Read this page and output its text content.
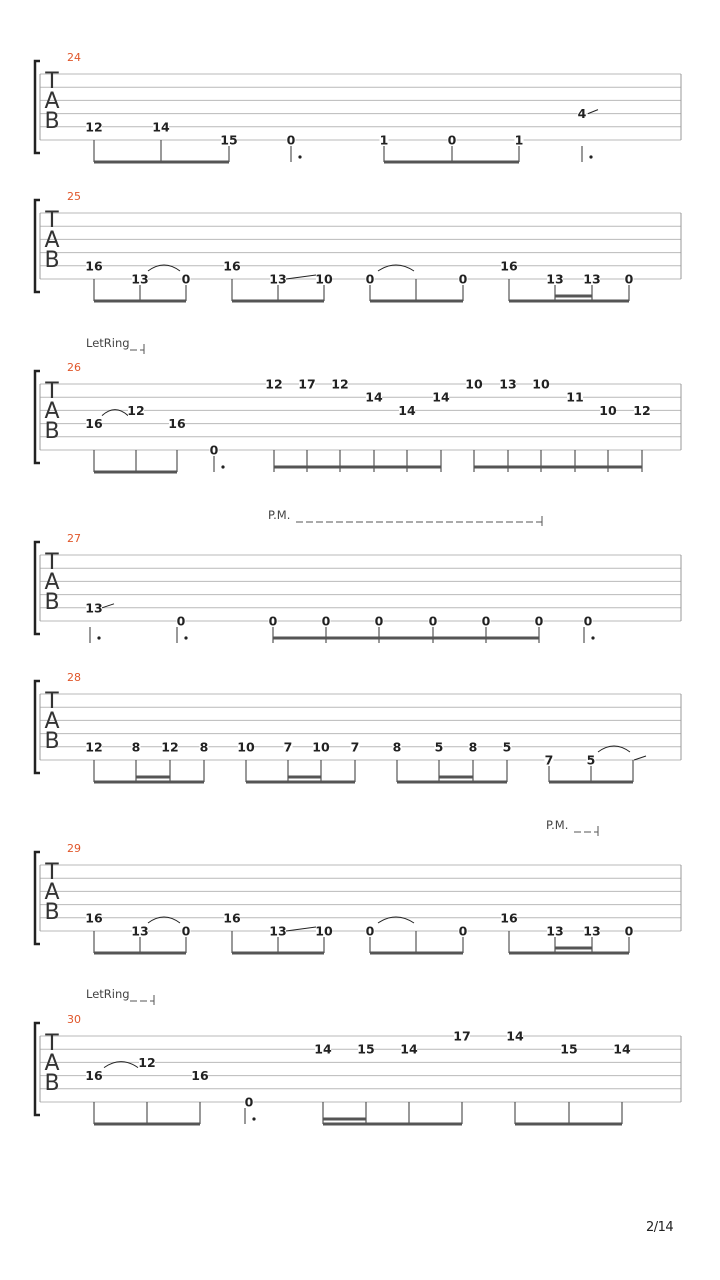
T
A
B
24
12	14
15	0	1	0	1
4
T
A
B
25
16
13	0
16
13 10	0	0
16
13 13 0
T
A
B
26
16
12
16
0
12 17 12
14
14
14
10 13 10
11
10 12
T
A
B
27
13
0	0	0	0	0	0	0	0
T
A
B
28
12 8 12 8 10 7 10 7	8	5 8 5
7	5
T
A
B
29
16
13	0
16
13 10	0	0
16
13 13 0
T
A
B
30
16
12
16
0
14 15 14
17	14
15	14
LetRing
P.M.
P.M.
LetRing
2/14
